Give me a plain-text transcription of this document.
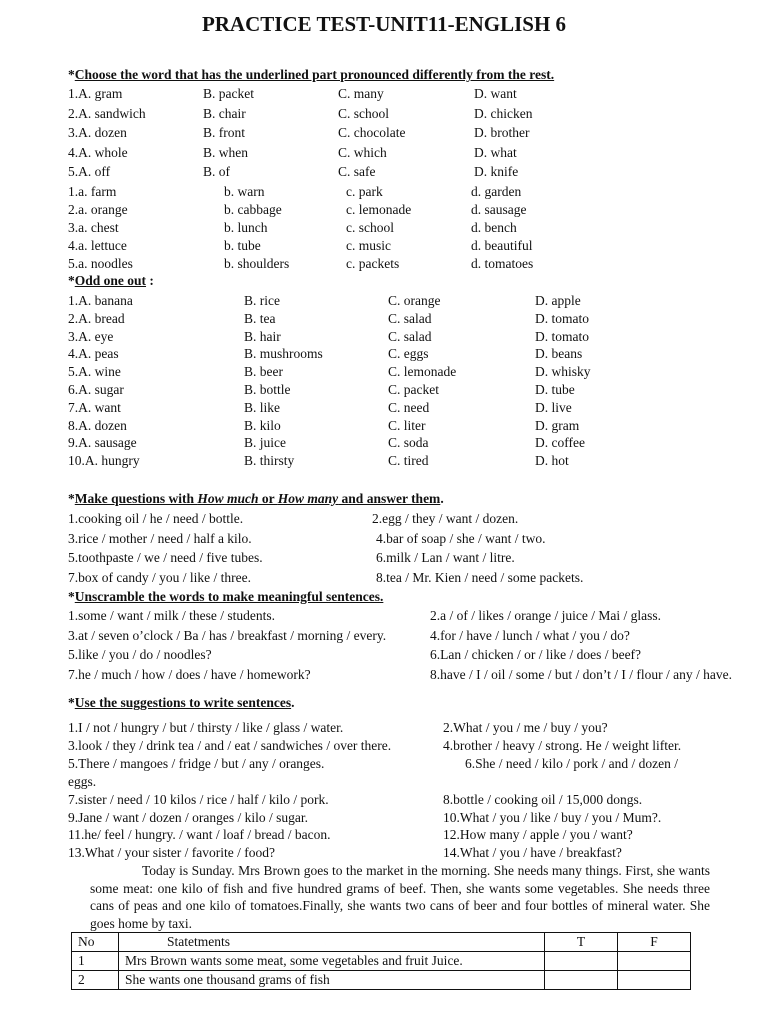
PRACTICE TEST-UNIT11-ENGLISH 6
*Choose the word that has the underlined part pronounced differently from the rest.
1.A. gram	B. packet	C. many	D. want
2.A. sandwich	B. chair	C. school	D. chicken
3.A. dozen	B. front	C. chocolate	D. brother
4.A. whole	B. when	C. which	D. what
5.A. off	B. of	C. safe	D. knife
1.a. farm	b. warn	c. park	d. garden
2.a. orange	b. cabbage	c. lemonade	d. sausage
3.a. chest	b. lunch	c. school	d. bench
4.a. lettuce	b. tube	c. music	d. beautiful
5.a. noodles	b. shoulders	c. packets	d. tomatoes
*Odd one out :
1.A. banana	B. rice	C. orange	D. apple
2.A. bread	B. tea	C. salad	D. tomato
3.A. eye	B. hair	C. salad	D. tomato
4.A. peas	B. mushrooms	C. eggs	D. beans
5.A. wine	B. beer	C. lemonade	D. whisky
6.A. sugar	B. bottle	C. packet	D. tube
7.A. want	B. like	C. need	D. live
8.A. dozen	B. kilo	C. liter	D. gram
9.A. sausage	B. juice	C. soda	D. coffee
10.A. hungry	B. thirsty	C. tired	D. hot
*Make questions with How much or How many and answer them.
1.cooking oil / he / need / bottle.	2.egg / they / want / dozen.
3.rice / mother / need / half a kilo.	4.bar of soap / she / want / two.
5.toothpaste / we / need / five tubes.	6.milk / Lan / want / litre.
7.box of candy / you / like / three.	8.tea / Mr. Kien / need / some packets.
*Unscramble the words to make meaningful sentences.
1.some / want / milk / these / students.	2.a / of / likes / orange / juice / Mai / glass.
3.at / seven o’clock / Ba / has / breakfast / morning / every.	4.for / have / lunch / what / you / do?
5.like / you / do / noodles?	6.Lan / chicken / or / like / does / beef?
7.he / much / how / does / have / homework?	8.have / I / oil / some / but / don’t / I / flour / any / have.
*Use the suggestions to write sentences.
1.I / not / hungry / but / thirsty / like / glass / water.	2.What / you / me / buy / you?
3.look / they / drink tea / and / eat / sandwiches / over there.	4.brother / heavy / strong. He / weight lifter.
5.There / mangoes / fridge / but / any / oranges.	6.She / need / kilo / pork / and / dozen /
eggs.
7.sister / need / 10 kilos / rice / half / kilo / pork.	8.bottle / cooking oil / 15,000 dongs.
9.Jane / want / dozen / oranges / kilo / sugar.	10.What / you / like / buy / you / Mum?.
11.he/ feel / hungry. / want / loaf / bread / bacon.	12.How many / apple / you / want?
13.What / your sister / favorite / food?	14.What / you / have / breakfast?

Today is Sunday. Mrs Brown goes to the market in the morning. She needs many things. First, she wants some meat: one kilo of fish and five hundred grams of beef. Then, she wants some vegetables. She needs three cans of peas and one kilo of tomatoes.Finally, she wants two cans of beer and four bottles of mineral water. She goes home by taxi.

No	Statetments	T	F
1	Mrs Brown wants some meat, some vegetables and fruit Juice.		
2	She wants one thousand grams of fish		
